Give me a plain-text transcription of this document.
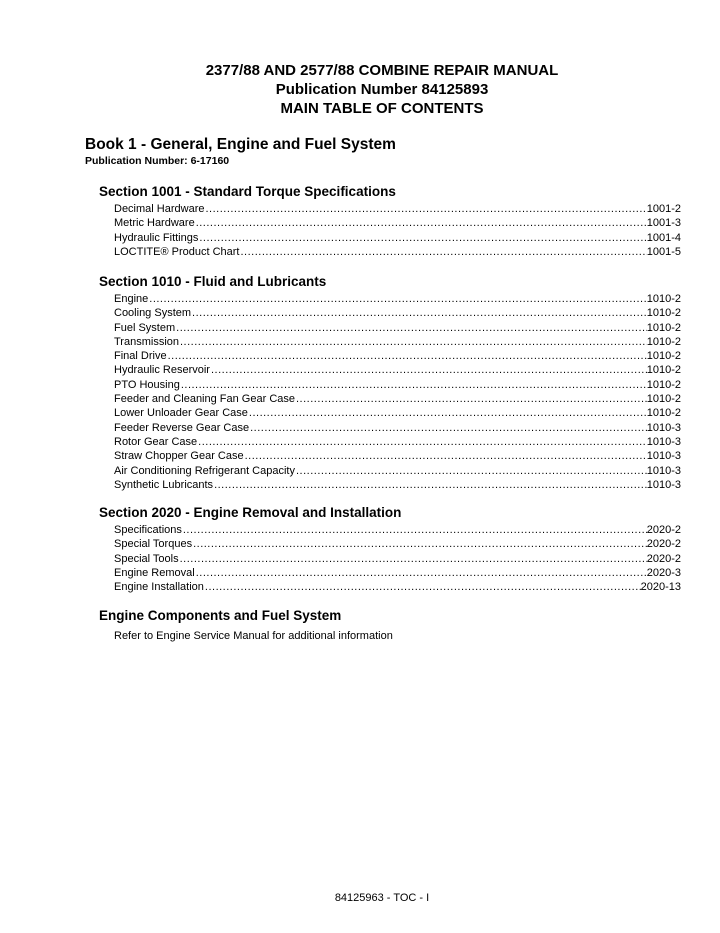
2377/88 AND 2577/88 COMBINE REPAIR MANUAL
Publication Number 84125893
MAIN TABLE OF CONTENTS
Book 1 - General, Engine and Fuel System
Publication Number: 6-17160
Section 1001 - Standard Torque Specifications
Decimal Hardware .....	1001-2
Metric Hardware .....	1001-3
Hydraulic Fittings .....	1001-4
LOCTITE® Product Chart .....	1001-5
Section 1010 - Fluid and Lubricants
Engine .....	1010-2
Cooling System .....	1010-2
Fuel System .....	1010-2
Transmission .....	1010-2
Final Drive .....	1010-2
Hydraulic Reservoir .....	1010-2
PTO Housing .....	1010-2
Feeder and Cleaning Fan Gear Case .....	1010-2
Lower Unloader Gear Case .....	1010-2
Feeder Reverse Gear Case .....	1010-3
Rotor Gear Case .....	1010-3
Straw Chopper Gear Case .....	1010-3
Air Conditioning Refrigerant Capacity .....	1010-3
Synthetic Lubricants .....	1010-3
Section 2020 - Engine Removal and Installation
Specifications .....	2020-2
Special Torques .....	2020-2
Special Tools .....	2020-2
Engine Removal .....	2020-3
Engine Installation .....	2020-13
Engine Components and Fuel System
Refer to Engine Service Manual for additional information
84125963 - TOC - I
